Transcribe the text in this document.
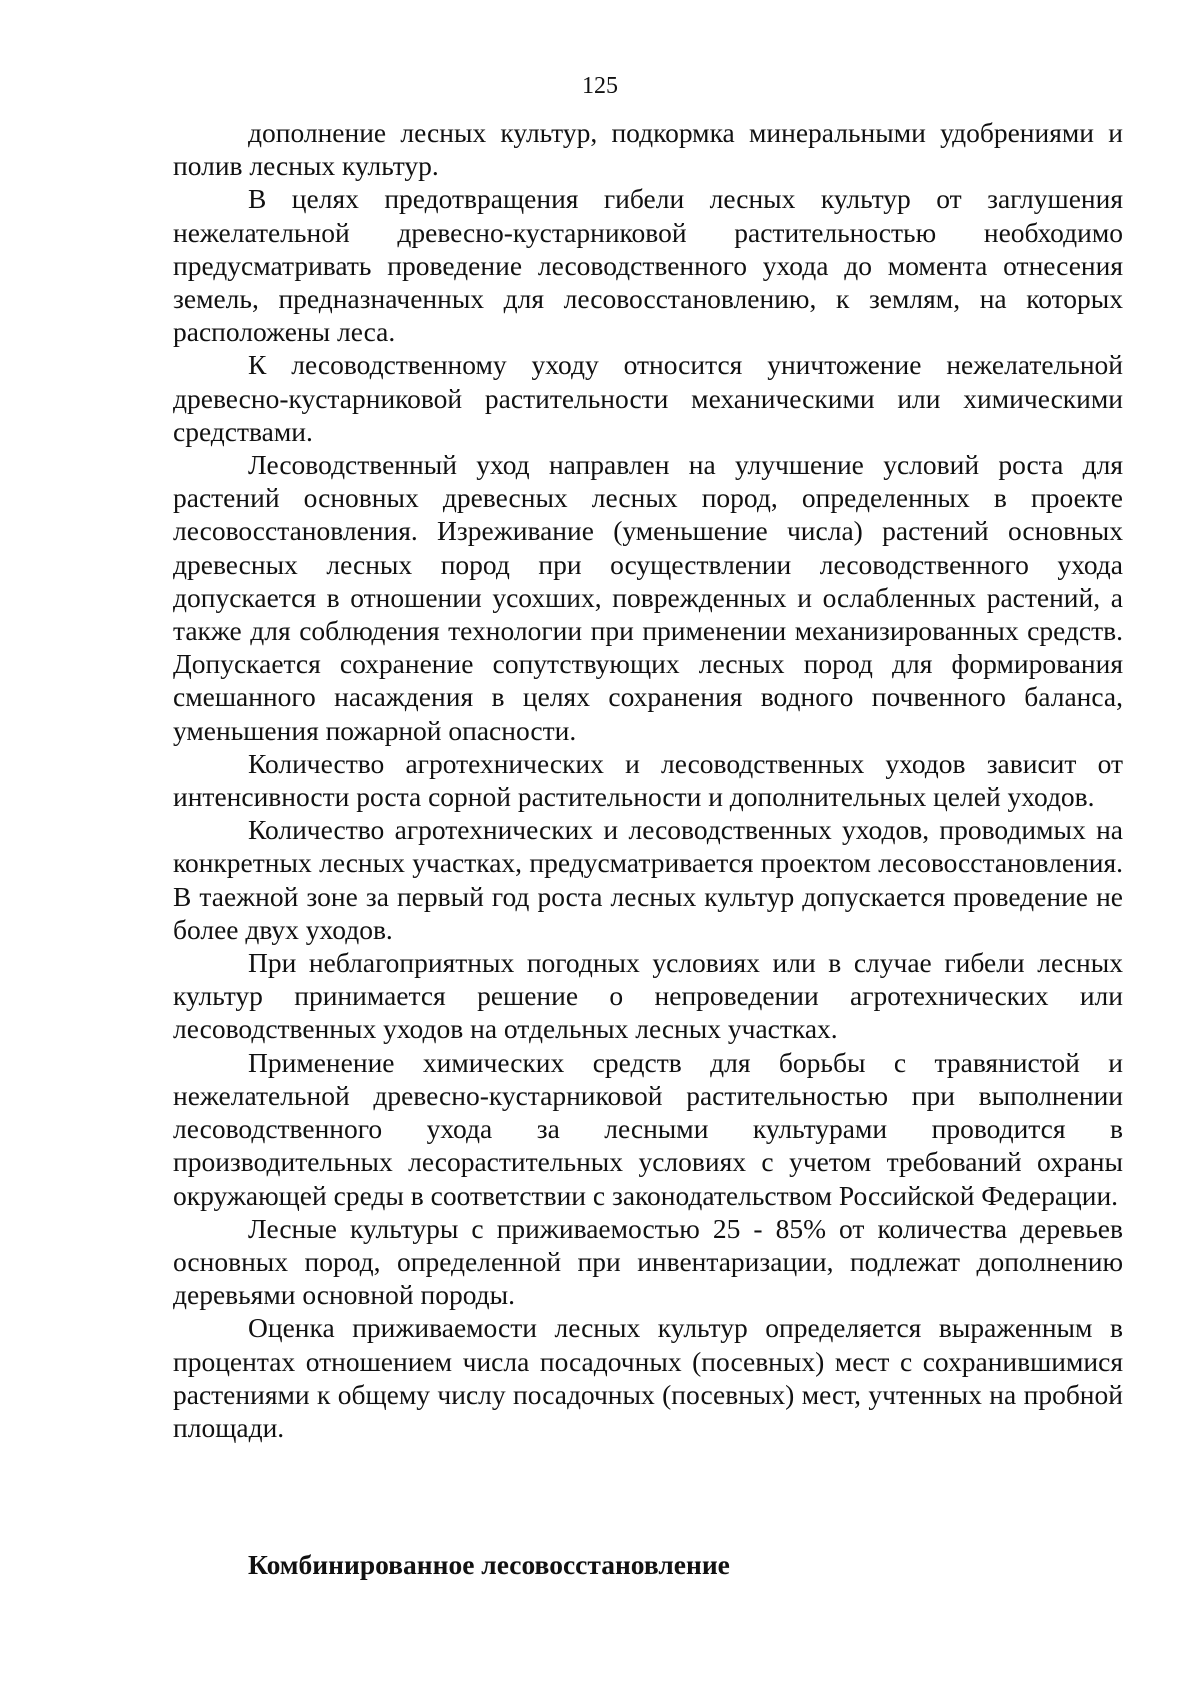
125

дополнение лесных культур, подкормка минеральными удобрениями и полив лесных культур.

В целях предотвращения гибели лесных культур от заглушения нежелательной древесно-кустарниковой растительностью необходимо предусматривать проведение лесоводственного ухода до момента отнесения земель, предназначенных для лесовосстановлению, к землям, на которых расположены леса.

К лесоводственному уходу относится уничтожение нежелательной древесно-кустарниковой растительности механическими или химическими средствами.

Лесоводственный уход направлен на улучшение условий роста для растений основных древесных лесных пород, определенных в проекте лесовосстановления. Изреживание (уменьшение числа) растений основных древесных лесных пород при осуществлении лесоводственного ухода допускается в отношении усохших, поврежденных и ослабленных растений, а также для соблюдения технологии при применении механизированных средств. Допускается сохранение сопутствующих лесных пород для формирования смешанного насаждения в целях сохранения водного почвенного баланса, уменьшения пожарной опасности.

Количество агротехнических и лесоводственных уходов зависит от интенсивности роста сорной растительности и дополнительных целей уходов.

Количество агротехнических и лесоводственных уходов, проводимых на конкретных лесных участках, предусматривается проектом лесовосстановления. В таежной зоне за первый год роста лесных культур допускается проведение не более двух уходов.

При неблагоприятных погодных условиях или в случае гибели лесных культур принимается решение о непроведении агротехнических или лесоводственных уходов на отдельных лесных участках.

Применение химических средств для борьбы с травянистой и нежелательной древесно-кустарниковой растительностью при выполнении лесоводственного ухода за лесными культурами проводится в производительных лесорастительных условиях с учетом требований охраны окружающей среды в соответствии с законодательством Российской Федерации.

Лесные культуры с приживаемостью 25 - 85% от количества деревьев основных пород, определенной при инвентаризации, подлежат дополнению деревьями основной породы.

Оценка приживаемости лесных культур определяется выраженным в процентах отношением числа посадочных (посевных) мест с сохранившимися растениями к общему числу посадочных (посевных) мест, учтенных на пробной площади.

Комбинированное лесовосстановление
